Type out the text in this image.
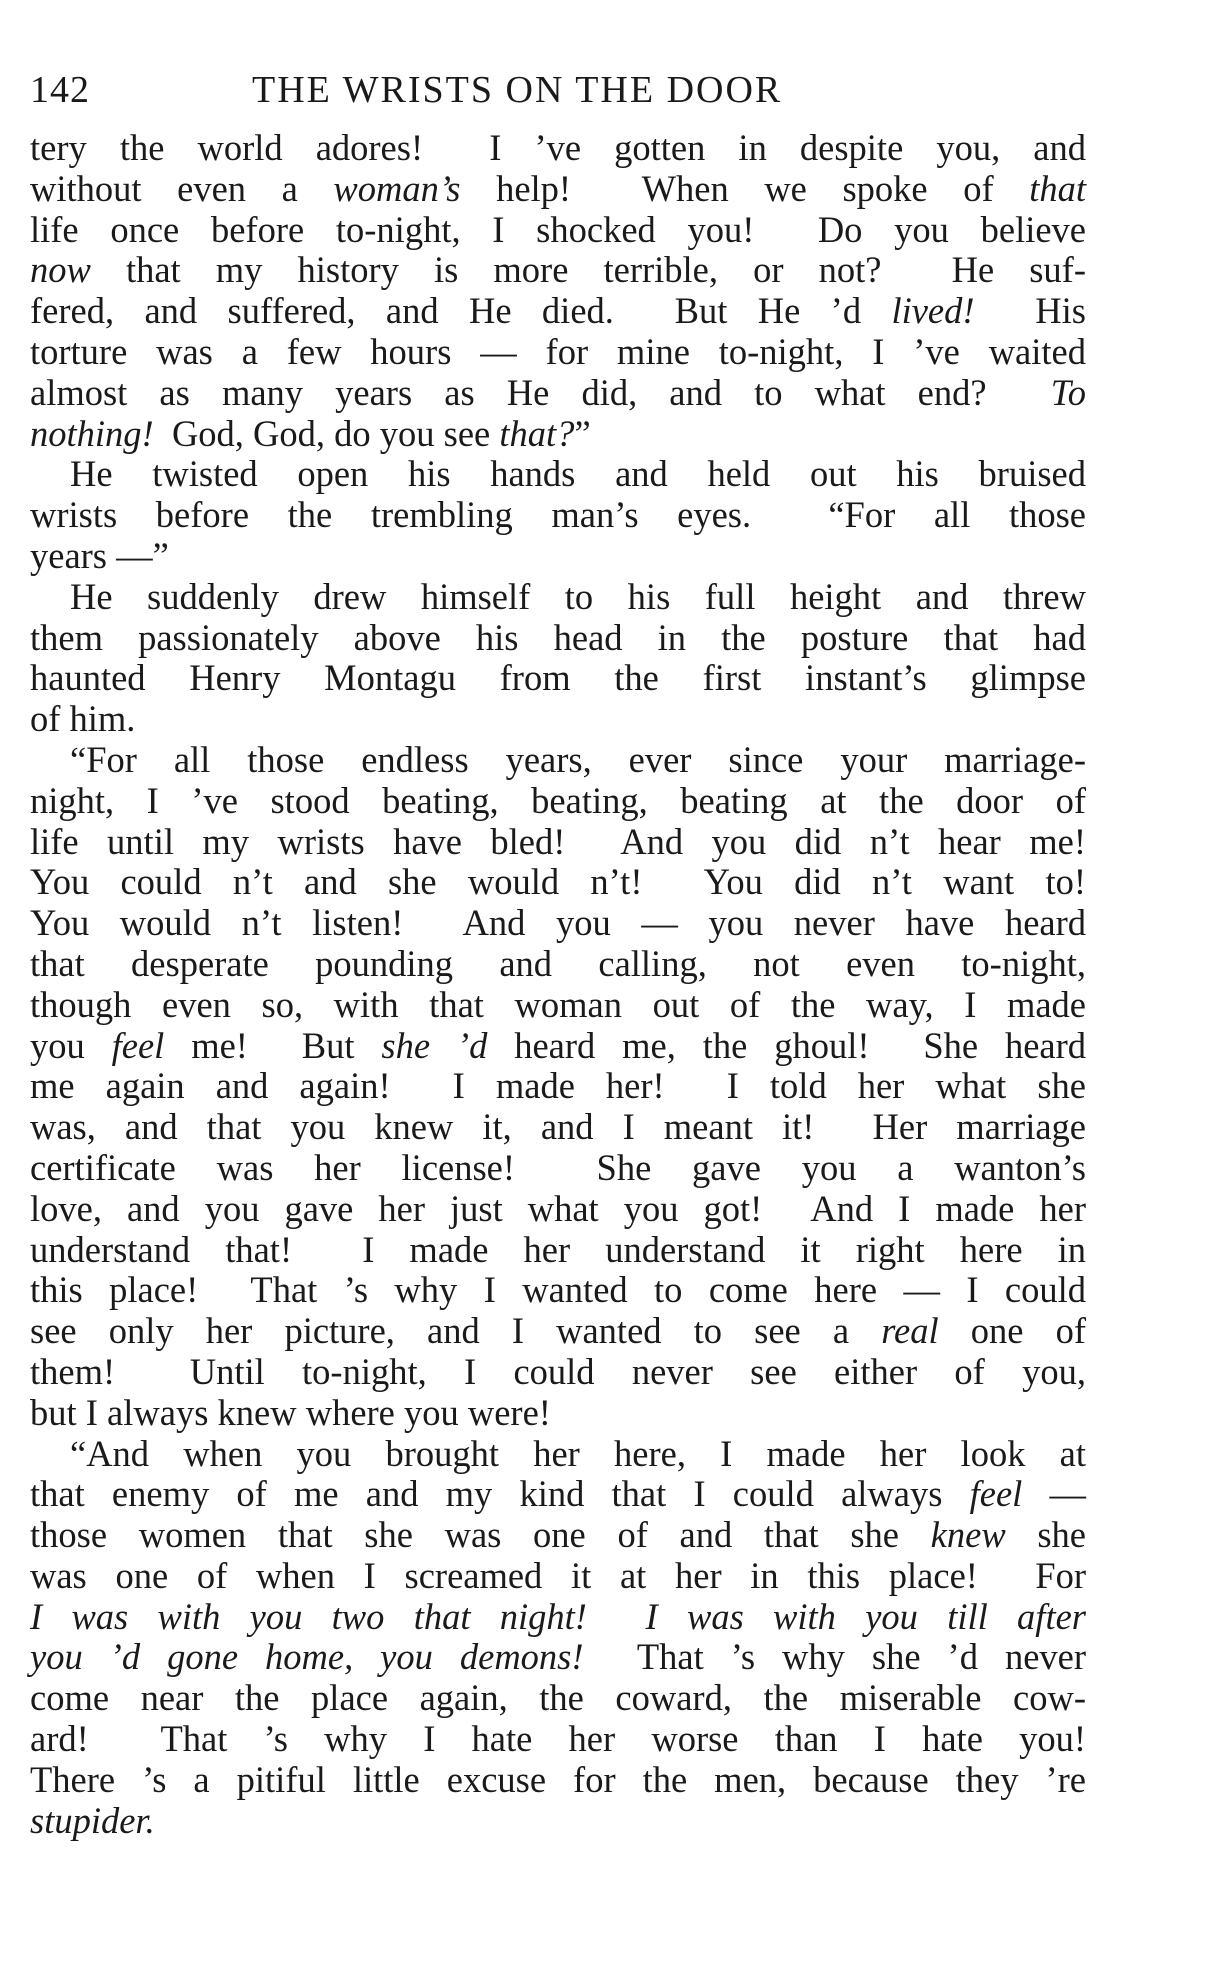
142	THE WRISTS ON THE DOOR
tery the world adores!  I ’ve gotten in despite you, and
without even a woman’s help!  When we spoke of that
life once before to-night, I shocked you!  Do you believe
now that my history is more terrible, or not?  He suf-
fered, and suffered, and He died.  But He ’d lived!  His
torture was a few hours — for mine to-night, I ’ve waited
almost as many years as He did, and to what end?  To
nothing!  God, God, do you see that?”
He twisted open his hands and held out his bruised
wrists before the trembling man’s eyes.  “For all those
years —”
He suddenly drew himself to his full height and threw
them passionately above his head in the posture that had
haunted Henry Montagu from the first instant’s glimpse
of him.
“For all those endless years, ever since your marriage-
night, I ’ve stood beating, beating, beating at the door of
life until my wrists have bled!  And you did n’t hear me!
You could n’t and she would n’t!  You did n’t want to!
You would n’t listen!  And you — you never have heard
that desperate pounding and calling, not even to-night,
though even so, with that woman out of the way, I made
you feel me!  But she ’d heard me, the ghoul!  She heard
me again and again!  I made her!  I told her what she
was, and that you knew it, and I meant it!  Her marriage
certificate was her license!  She gave you a wanton’s
love, and you gave her just what you got!  And I made her
understand that!  I made her understand it right here in
this place!  That ’s why I wanted to come here — I could
see only her picture, and I wanted to see a real one of
them!  Until to-night, I could never see either of you,
but I always knew where you were!
“And when you brought her here, I made her look at
that enemy of me and my kind that I could always feel —
those women that she was one of and that she knew she
was one of when I screamed it at her in this place!  For
I was with you two that night! I was with you till after
you ’d gone home, you demons!  That ’s why she ’d never
come near the place again, the coward, the miserable cow-
ard!  That ’s why I hate her worse than I hate you!
There ’s a pitiful little excuse for the men, because they ’re
stupider.
